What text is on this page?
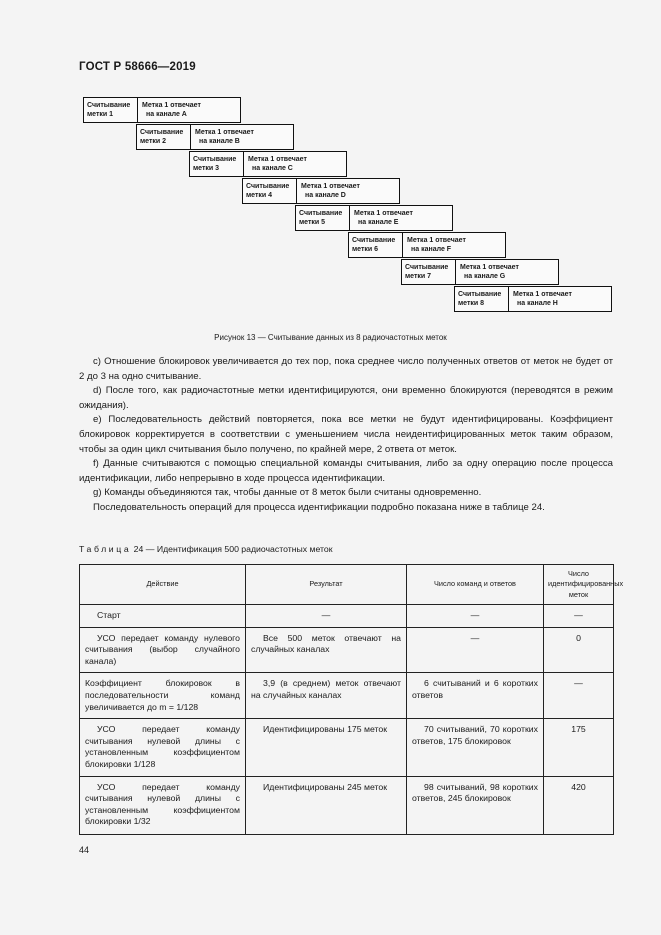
ГОСТ Р 58666—2019
Считывание
метки 1
Метка 1 отвечает
на канале A
Считывание
метки 2
Метка 1 отвечает
на канале B
Считывание
метки 3
Метка 1 отвечает
на канале C
Считывание
метки 4
Метка 1 отвечает
на канале D
Считывание
метки 5
Метка 1 отвечает
на канале E
Считывание
метки 6
Метка 1 отвечает
на канале F
Считывание
метки 7
Метка 1 отвечает
на канале G
Считывание
метки 8
Метка 1 отвечает
на канале H
Рисунок 13 — Считывание данных из 8 радиочастотных меток

c) Отношение блокировок увеличивается до тех пор, пока среднее число полученных ответов от меток не будет от 2 до 3 на одно считывание.

d) После того, как радиочастотные метки идентифицируются, они временно блокируются (переводятся в режим ожидания).

e) Последовательность действий повторяется, пока все метки не будут идентифицированы. Коэффициент блокировок корректируется в соответствии с уменьшением числа неидентифицированных меток таким образом, чтобы за один цикл считывания было получено, по крайней мере, 2 ответа от меток.

f) Данные считываются с помощью специальной команды считывания, либо за одну операцию после процесса идентификации, либо непрерывно в ходе процесса идентификации.

g) Команды объединяются так, чтобы данные от 8 меток были считаны одновременно.

Последовательность операций для процесса идентификации подробно показана ниже в таблице 24.

Таблица 24 — Идентификация 500 радиочастотных меток
Действие	Результат	Число команд и ответов	Число идентифицированных меток
Старт	—	—	—
УСО передает команду нулевого считывания (выбор случайного канала)	Все 500 меток отвечают на случайных каналах	—	0
Коэффициент блокировок в последовательности команд увеличивается до m = 1/128	3,9 (в среднем) меток отвечают на случайных каналах	6 считываний и 6 коротких ответов	—
УСО передает команду считывания нулевой длины с установленным коэффициентом блокировки 1/128	Идентифицированы 175 меток	70 считываний, 70 коротких ответов, 175 блокировок	175
УСО передает команду считывания нулевой длины с установленным коэффициентом блокировки 1/32	Идентифицированы 245 меток	98 считываний, 98 коротких ответов, 245 блокировок	420
44
